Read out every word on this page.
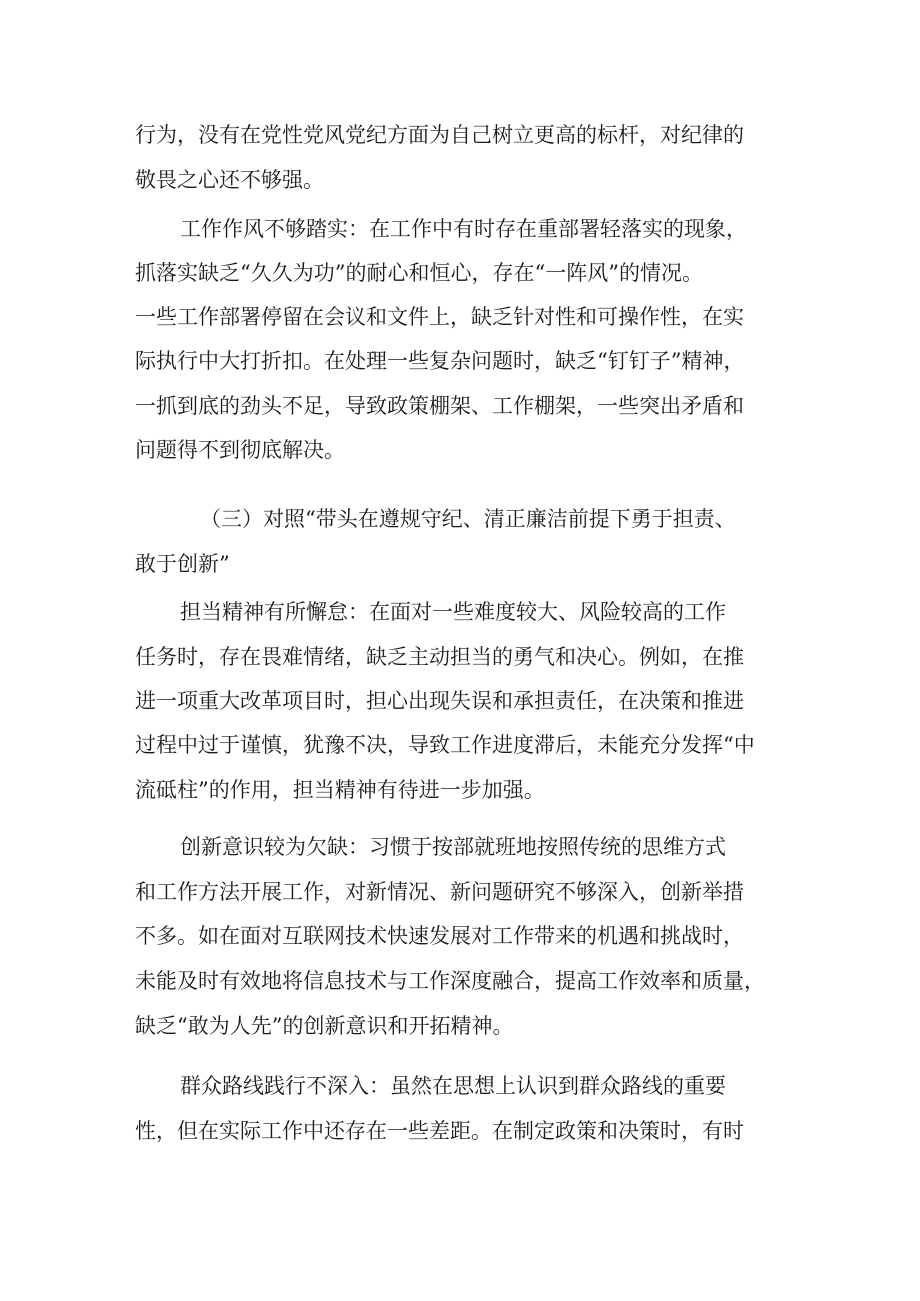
行为，没有在党性党风党纪方面为自己树立更高的标杆，对纪律的
敬畏之心还不够强。
工作作风不够踏实：在工作中有时存在重部署轻落实的现象，
抓落实缺乏“久久为功”的耐心和恒心，存在“一阵风”的情况。
一些工作部署停留在会议和文件上，缺乏针对性和可操作性，在实
际执行中大打折扣。在处理一些复杂问题时，缺乏“钉钉子”精神，
一抓到底的劲头不足，导致政策棚架、工作棚架，一些突出矛盾和
问题得不到彻底解决。
（三）对照“带头在遵规守纪、清正廉洁前提下勇于担责、
敢于创新”
担当精神有所懈怠：在面对一些难度较大、风险较高的工作
任务时，存在畏难情绪，缺乏主动担当的勇气和决心。例如，在推
进一项重大改革项目时，担心出现失误和承担责任，在决策和推进
过程中过于谨慎，犹豫不决，导致工作进度滞后，未能充分发挥“中
流砥柱”的作用，担当精神有待进一步加强。
创新意识较为欠缺：习惯于按部就班地按照传统的思维方式
和工作方法开展工作，对新情况、新问题研究不够深入，创新举措
不多。如在面对互联网技术快速发展对工作带来的机遇和挑战时，
未能及时有效地将信息技术与工作深度融合，提高工作效率和质量，
缺乏“敢为人先”的创新意识和开拓精神。
群众路线践行不深入：虽然在思想上认识到群众路线的重要
性，但在实际工作中还存在一些差距。在制定政策和决策时，有时
